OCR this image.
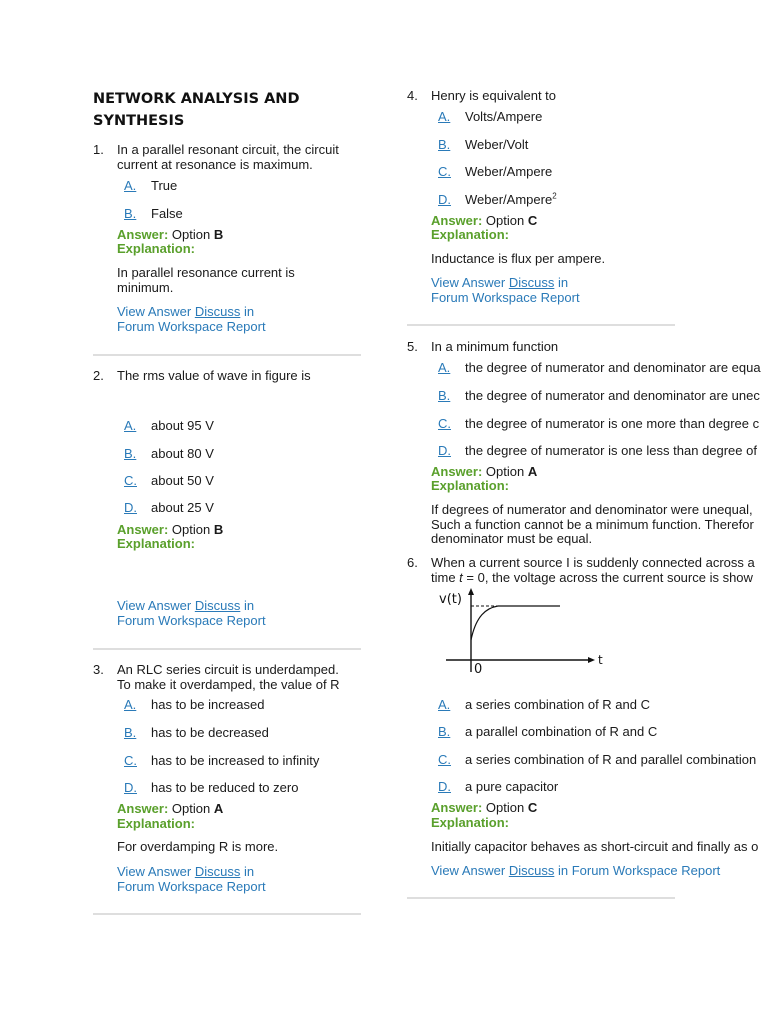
NETWORK ANALYSIS AND
SYNTHESIS
1. In a parallel resonant circuit, the circuit
current at resonance is maximum.
A. True
B. False
Answer: Option B
Explanation:
In parallel resonance current is
minimum.
View Answer Discuss in
Forum Workspace Report
2. The rms value of wave in figure is
A. about 95 V
B. about 80 V
C. about 50 V
D. about 25 V
Answer: Option B
Explanation:
View Answer Discuss in
Forum Workspace Report
3. An RLC series circuit is underdamped.
To make it overdamped, the value of R
A. has to be increased
B. has to be decreased
C. has to be increased to infinity
D. has to be reduced to zero
Answer: Option A
Explanation:
For overdamping R is more.
View Answer Discuss in
Forum Workspace Report
4. Henry is equivalent to
A. Volts/Ampere
B. Weber/Volt
C. Weber/Ampere
D. Weber/Ampere$^2$
Answer: Option C
Explanation:
Inductance is flux per ampere.
View Answer Discuss in
Forum Workspace Report
5. In a minimum function
A. the degree of numerator and denominator are equa
B. the degree of numerator and denominator are unec
C. the degree of numerator is one more than degree c
D. the degree of numerator is one less than degree of
Answer: Option A
Explanation:
If degrees of numerator and denominator were unequal,
Such a function cannot be a minimum function. Therefor
denominator must be equal.
6. When a current source I is suddenly connected across a
time t = 0, the voltage across the current source is show
v(t)
t
0
A. a series combination of R and C
B. a parallel combination of R and C
C. a series combination of R and parallel combination
D. a pure capacitor
Answer: Option C
Explanation:
Initially capacitor behaves as short-circuit and finally as o
View Answer Discuss in Forum Workspace Report
